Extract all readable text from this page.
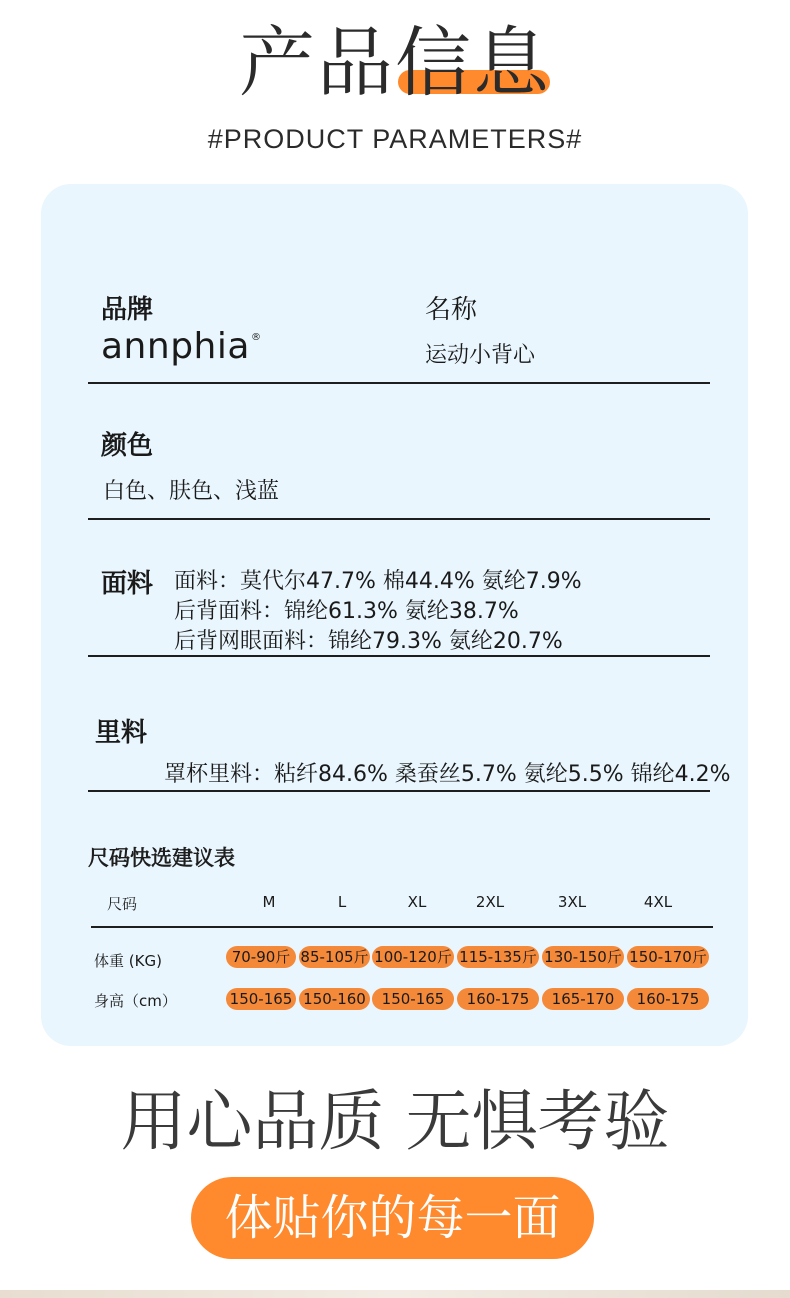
产品信息
#PRODUCT PARAMETERS#
品牌
annphia®
名称
运动小背心
颜色
白色、肤色、浅蓝
面料 面料：莫代尔47.7% 棉44.4% 氨纶7.9%
后背面料：锦纶61.3% 氨纶38.7%
后背网眼面料：锦纶79.3% 氨纶20.7%
里料
罩杯里料：粘纤84.6% 桑蚕丝5.7% 氨纶5.5% 锦纶4.2%
尺码快选建议表
尺码	M	L	XL	2XL	3XL	4XL
体重 (KG)	70-90斤 85-105斤 100-120斤 115-135斤 130-150斤 150-170斤
身高（cm）	150-165 150-160	150-165	160-175	165-170	160-175
用心品质 无惧考验
体贴你的每一面
